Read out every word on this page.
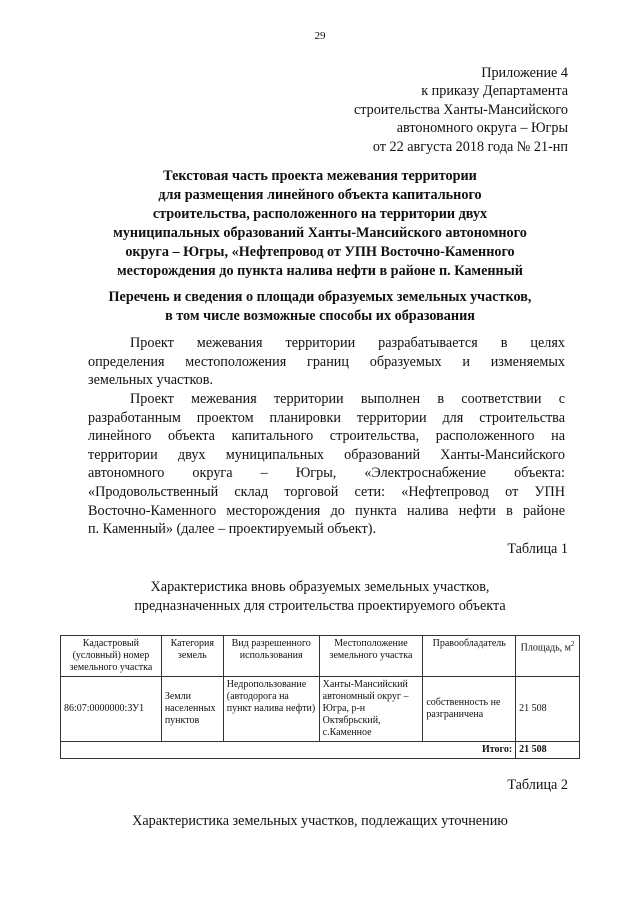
29
Приложение 4
к приказу Департамента
строительства Ханты-Мансийского
автономного округа – Югры
от 22 августа 2018 года № 21-нп
Текстовая часть проекта межевания территории
для размещения линейного объекта капитального
строительства, расположенного на территории двух
муниципальных образований Ханты-Мансийского автономного
округа – Югры, «Нефтепровод от УПН Восточно-Каменного
месторождения до пункта налива нефти в районе п. Каменный
Перечень и сведения о площади образуемых земельных участков,
в том числе возможные способы их образования
Проект межевания территории разрабатывается в целях
определения местоположения границ образуемых и изменяемых
земельных участков.
Проект межевания территории выполнен в соответствии с
разработанным проектом планировки территории для строительства
линейного объекта капитального строительства, расположенного на
территории двух муниципальных образований Ханты-Мансийского
автономного округа – Югры, «Электроснабжение объекта:
«Продовольственный склад торговой сети: «Нефтепровод от УПН
Восточно-Каменного месторождения до пункта налива нефти в районе
п. Каменный» (далее – проектируемый объект).
Таблица 1
Характеристика вновь образуемых земельных участков,
предназначенных для строительства проектируемого объекта
Кадастровый (условный) номер земельного участка	Категория земель	Вид разрешенного использования	Местоположение земельного участка	Правообладатель	Площадь, $м^2$
86:07:0000000:ЗУ1	Земли населенных пунктов	Недропользование (автодорога на пункт налива нефти)	Ханты-Мансийский автономный округ – Югра, р-н Октябрьский, с.Каменное	собственность не разграничена	21 508
Итого:					21 508
Таблица 2
Характеристика земельных участков, подлежащих уточнению
